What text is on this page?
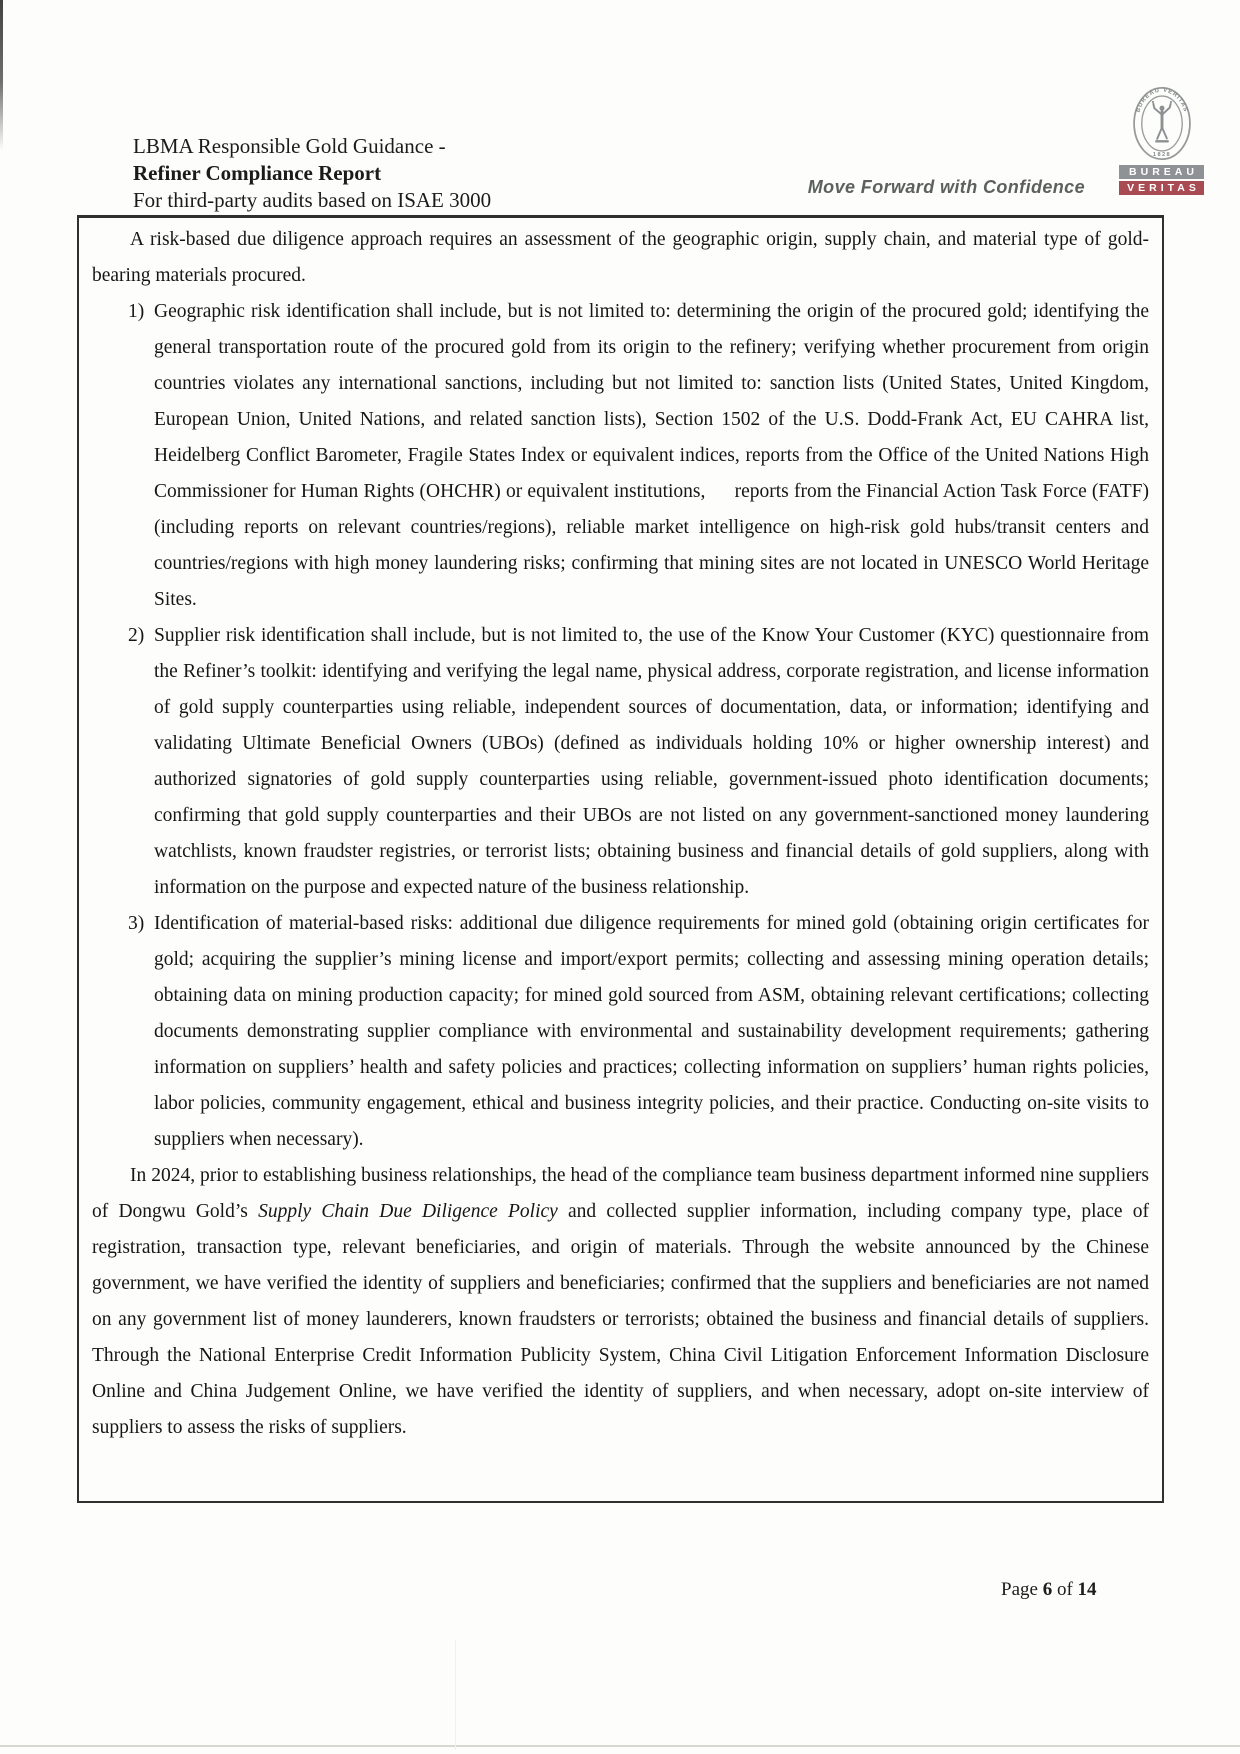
LBMA Responsible Gold Guidance -
Refiner Compliance Report
For third-party audits based on ISAE 3000
Move Forward with Confidence
BUREAU VERITAS
1828
BUREAU
VERITAS
A risk-based due diligence approach requires an assessment of the geographic origin, supply chain, and material type of gold-bearing materials procured.
1) Geographic risk identification shall include, but is not limited to: determining the origin of the procured gold; identifying the general transportation route of the procured gold from its origin to the refinery; verifying whether procurement from origin countries violates any international sanctions, including but not limited to: sanction lists (United States, United Kingdom, European Union, United Nations, and related sanction lists), Section 1502 of the U.S. Dodd-Frank Act, EU CAHRA list, Heidelberg Conflict Barometer, Fragile States Index or equivalent indices, reports from the Office of the United Nations High Commissioner for Human Rights (OHCHR) or equivalent institutions,  reports from the Financial Action Task Force (FATF) (including reports on relevant countries/regions), reliable market intelligence on high-risk gold hubs/transit centers and countries/regions with high money laundering risks; confirming that mining sites are not located in UNESCO World Heritage Sites.
2) Supplier risk identification shall include, but is not limited to, the use of the Know Your Customer (KYC) questionnaire from the Refiner’s toolkit: identifying and verifying the legal name, physical address, corporate registration, and license information of gold supply counterparties using reliable, independent sources of documentation, data, or information; identifying and validating Ultimate Beneficial Owners (UBOs) (defined as individuals holding 10% or higher ownership interest) and authorized signatories of gold supply counterparties using reliable, government-issued photo identification documents; confirming that gold supply counterparties and their UBOs are not listed on any government-sanctioned money laundering watchlists, known fraudster registries, or terrorist lists; obtaining business and financial details of gold suppliers, along with information on the purpose and expected nature of the business relationship.
3) Identification of material-based risks: additional due diligence requirements for mined gold (obtaining origin certificates for gold; acquiring the supplier’s mining license and import/export permits; collecting and assessing mining operation details; obtaining data on mining production capacity; for mined gold sourced from ASM, obtaining relevant certifications; collecting documents demonstrating supplier compliance with environmental and sustainability development requirements; gathering information on suppliers’ health and safety policies and practices; collecting information on suppliers’ human rights policies, labor policies, community engagement, ethical and business integrity policies, and their practice. Conducting on-site visits to suppliers when necessary).
In 2024, prior to establishing business relationships, the head of the compliance team business department informed nine suppliers of Dongwu Gold’s Supply Chain Due Diligence Policy and collected supplier information, including company type, place of registration, transaction type, relevant beneficiaries, and origin of materials. Through the website announced by the Chinese government, we have verified the identity of suppliers and beneficiaries; confirmed that the suppliers and beneficiaries are not named on any government list of money launderers, known fraudsters or terrorists; obtained the business and financial details of suppliers. Through the National Enterprise Credit Information Publicity System, China Civil Litigation Enforcement Information Disclosure Online and China Judgement Online, we have verified the identity of suppliers, and when necessary, adopt on-site interview of suppliers to assess the risks of suppliers.
Page 6 of 14
